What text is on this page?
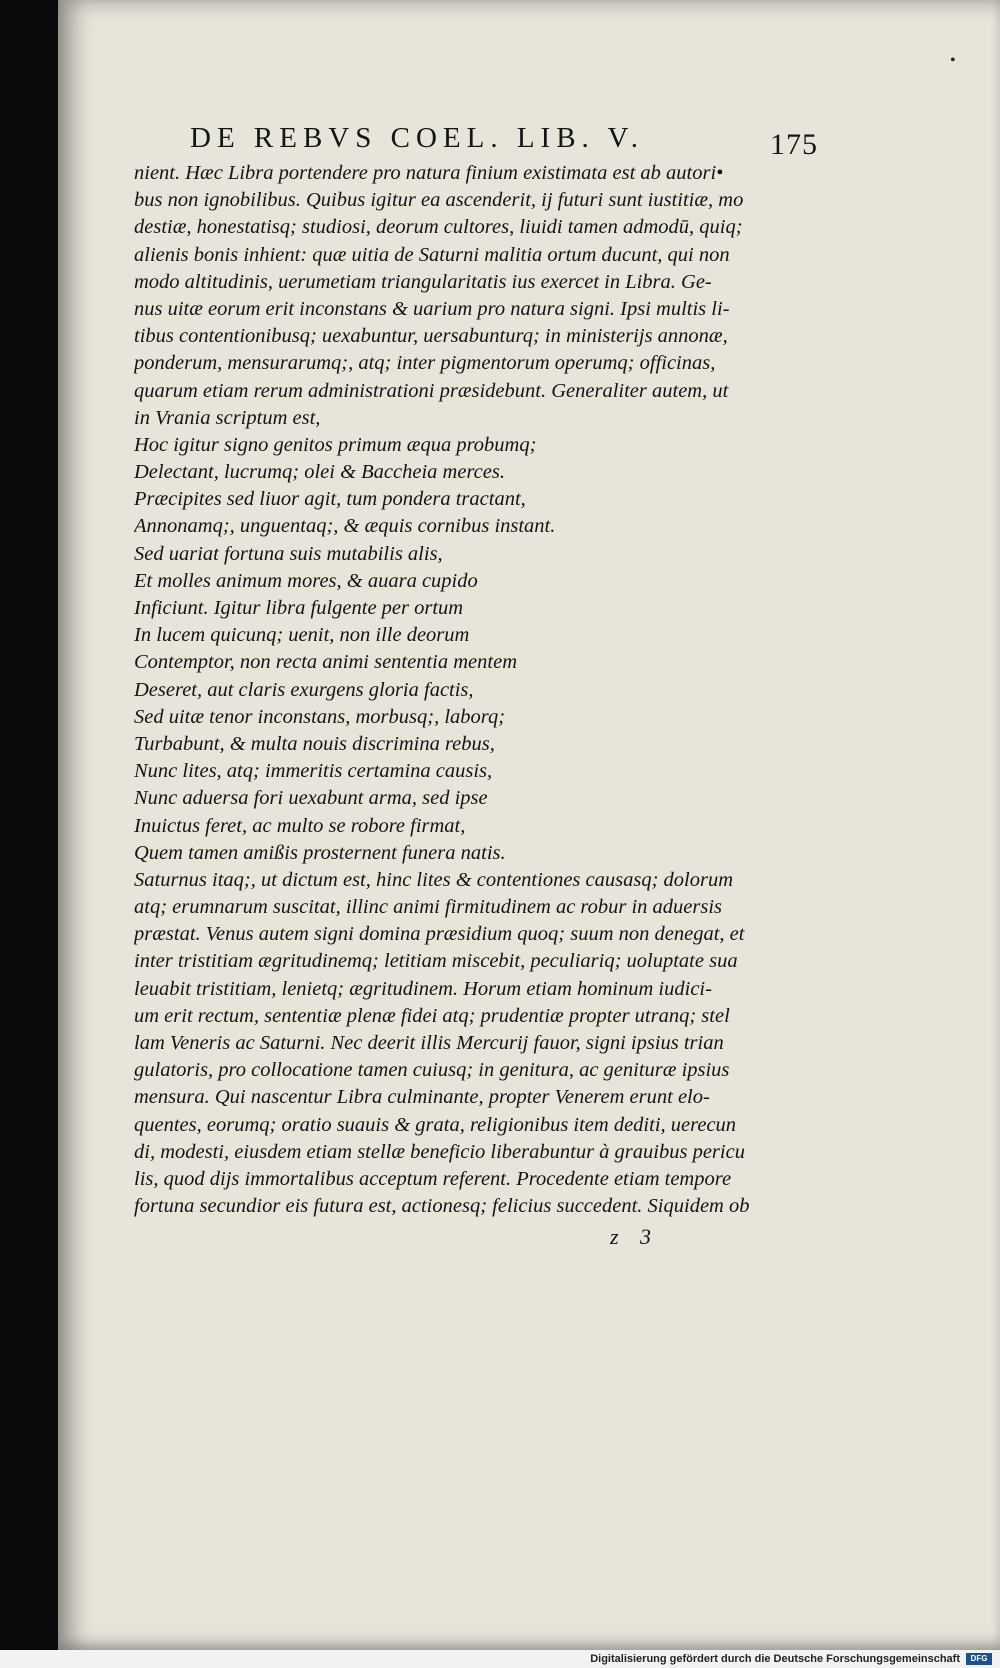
•
DE REBVS COEL. LIB. V.	175
nient. Hæc Libra portendere pro natura finium existimata est ab autori•
bus non ignobilibus. Quibus igitur ea ascenderit, ij futuri sunt iustitiæ, mo
destiæ, honestatisq; studiosi, deorum cultores, liuidi tamen admodū, quiq;
alienis bonis inhient: quæ uitia de Saturni malitia ortum ducunt, qui non
modo altitudinis, uerumetiam triangularitatis ius exercet in Libra. Ge-
nus uitæ eorum erit inconstans & uarium pro natura signi. Ipsi multis li-
tibus contentionibusq; uexabuntur, uersabunturq; in ministerijs annonæ,
ponderum, mensurarumq;, atq; inter pigmentorum operumq; officinas,
quarum etiam rerum administrationi præsidebunt. Generaliter autem, ut
in Vrania scriptum est,
Hoc igitur signo genitos primum æqua probumq;
Delectant, lucrumq; olei & Baccheia merces.
Præcipites sed liuor agit, tum pondera tractant,
Annonamq;, unguentaq;, & æquis cornibus instant.
Sed uariat fortuna suis mutabilis alis,
Et molles animum mores, & auara cupido
Inficiunt. Igitur libra fulgente per ortum
In lucem quicunq; uenit, non ille deorum
Contemptor, non recta animi sententia mentem
Deseret, aut claris exurgens gloria factis,
Sed uitæ tenor inconstans, morbusq;, laborq;
Turbabunt, & multa nouis discrimina rebus,
Nunc lites, atq; immeritis certamina causis,
Nunc aduersa fori uexabunt arma, sed ipse
Inuictus feret, ac multo se robore firmat,
Quem tamen amißis prosternent funera natis.
Saturnus itaq;, ut dictum est, hinc lites & contentiones causasq; dolorum
atq; erumnarum suscitat, illinc animi firmitudinem ac robur in aduersis
præstat. Venus autem signi domina præsidium quoq; suum non denegat, et
inter tristitiam ægritudinemq; letitiam miscebit, peculiariq; uoluptate sua
leuabit tristitiam, lenietq; ægritudinem. Horum etiam hominum iudici-
um erit rectum, sententiæ plenæ fidei atq; prudentiæ propter utranq; stel
lam Veneris ac Saturni. Nec deerit illis Mercurij fauor, signi ipsius trian
gulatoris, pro collocatione tamen cuiusq; in genitura, ac genituræ ipsius
mensura. Qui nascentur Libra culminante, propter Venerem erunt elo-
quentes, eorumq; oratio suauis & grata, religionibus item dediti, uerecun
di, modesti, eiusdem etiam stellæ beneficio liberabuntur à grauibus pericu
lis, quod dijs immortalibus acceptum referent. Procedente etiam tempore
fortuna secundior eis futura est, actionesq; felicius succedent. Siquidem ob
z 3
Digitalisierung gefördert durch die Deutsche Forschungsgemeinschaft	DFG
